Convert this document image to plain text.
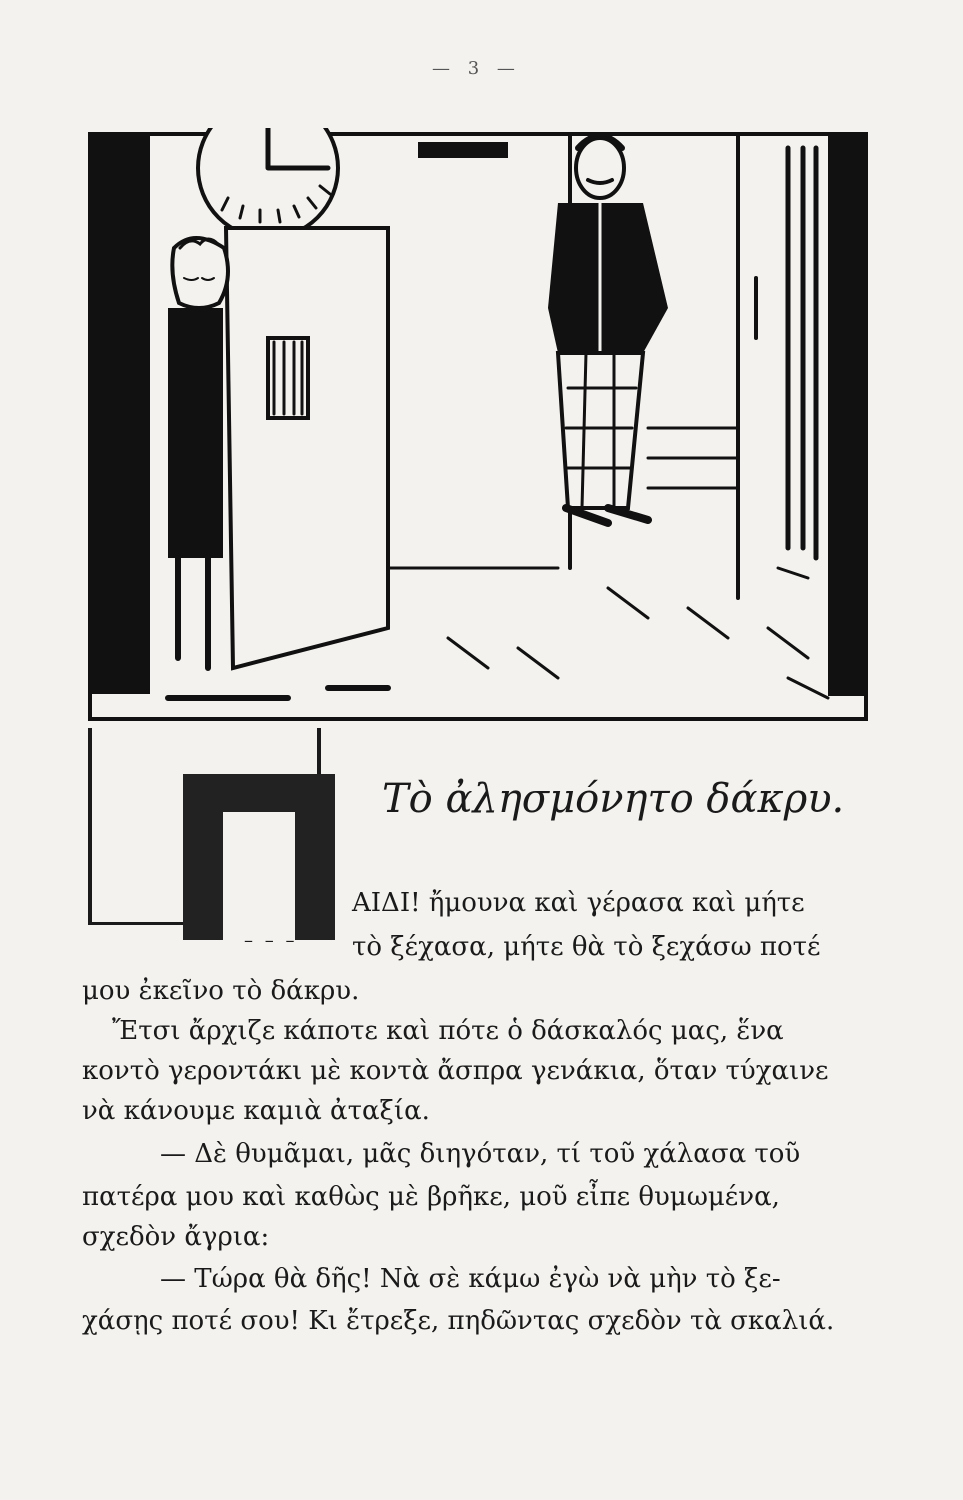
— 3 —
– – –
Τὸ ἀλησμόνητο δάκρυ.
ΑΙΔΙ! ἤμουνα καὶ γέρασα καὶ μήτε
τὸ ξέχασα, μήτε θὰ τὸ ξεχάσω ποτέ
μου ἐκεῖνο τὸ δάκρυ.
Ἔτσι ἄρχιζε κάποτε καὶ πότε ὁ δάσκαλός μας, ἕνα
κοντὸ γεροντάκι μὲ κοντὰ ἄσπρα γενάκια, ὅταν τύχαινε
νὰ κάνουμε καμιὰ ἀταξία.
— Δὲ θυμᾶμαι, μᾶς διηγόταν, τί τοῦ χάλασα τοῦ
πατέρα μου καὶ καθὼς μὲ βρῆκε, μοῦ εἶπε θυμωμένα,
σχεδὸν ἄγρια:
— Τώρα θὰ δῆς! Νὰ σὲ κάμω ἐγὼ νὰ μὴν τὸ ξε-
χάσῃς ποτέ σου! Κι ἔτρεξε, πηδῶντας σχεδὸν τὰ σκαλιά.
